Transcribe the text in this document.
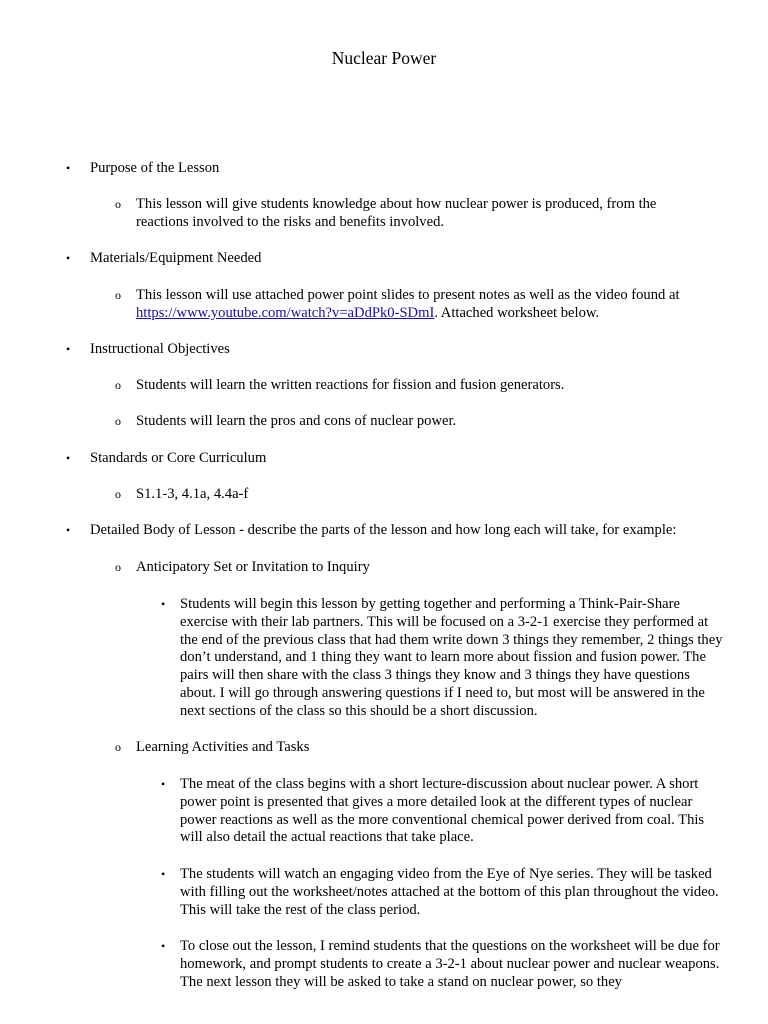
Nuclear Power
• Purpose of the Lesson
o This lesson will give students knowledge about how nuclear power is produced, from the reactions involved to the risks and benefits involved.
• Materials/Equipment Needed
o This lesson will use attached power point slides to present notes as well as the video found at https://www.youtube.com/watch?v=aDdPk0-SDmI. Attached worksheet below.
• Instructional Objectives
o Students will learn the written reactions for fission and fusion generators.
o Students will learn the pros and cons of nuclear power.
• Standards or Core Curriculum
o S1.1-3, 4.1a, 4.4a-f
• Detailed Body of Lesson - describe the parts of the lesson and how long each will take, for example:
o Anticipatory Set or Invitation to Inquiry
• Students will begin this lesson by getting together and performing a Think-Pair-Share exercise with their lab partners. This will be focused on a 3-2-1 exercise they performed at the end of the previous class that had them write down 3 things they remember, 2 things they don’t understand, and 1 thing they want to learn more about fission and fusion power. The pairs will then share with the class 3 things they know and 3 things they have questions about. I will go through answering questions if I need to, but most will be answered in the next sections of the class so this should be a short discussion.
o Learning Activities and Tasks
• The meat of the class begins with a short lecture-discussion about nuclear power. A short power point is presented that gives a more detailed look at the different types of nuclear power reactions as well as the more conventional chemical power derived from coal. This will also detail the actual reactions that take place.
• The students will watch an engaging video from the Eye of Nye series. They will be tasked with filling out the worksheet/notes attached at the bottom of this plan throughout the video. This will take the rest of the class period.
• To close out the lesson, I remind students that the questions on the worksheet will be due for homework, and prompt students to create a 3-2-1 about nuclear power and nuclear weapons. The next lesson they will be asked to take a stand on nuclear power, so they
